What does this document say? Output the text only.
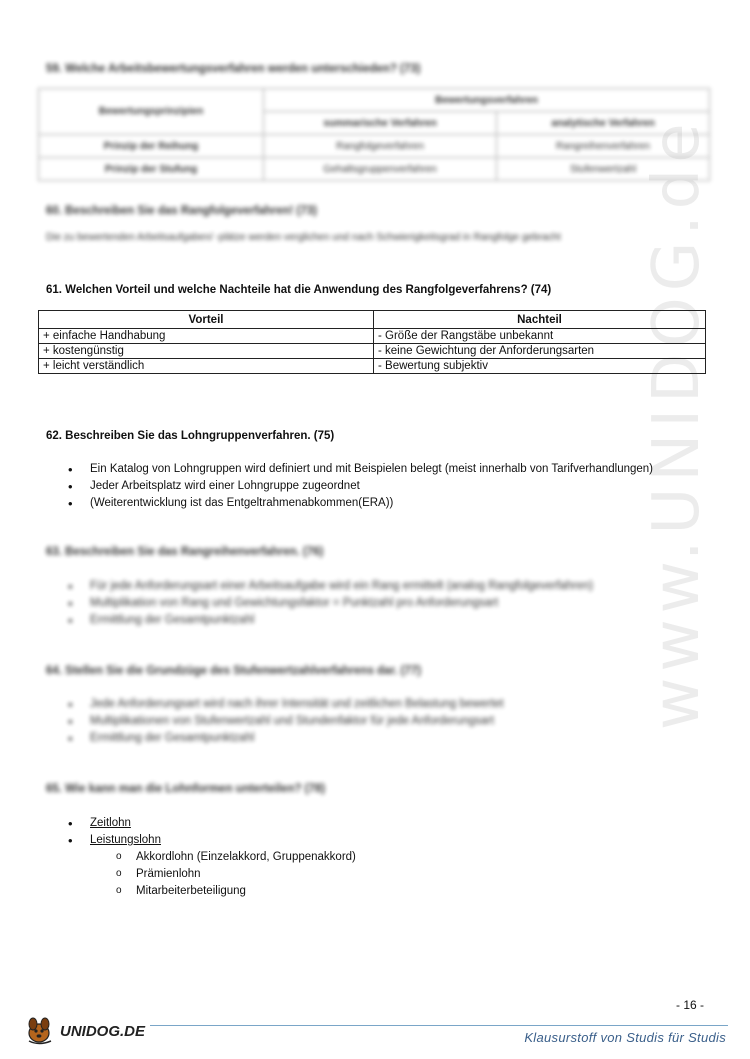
www.UNIDOG.de
59. Welche Arbeitsbewertungsverfahren werden unterschieden? (73)
Bewertungsprinzipien	Bewertungsverfahren	
	summarische Verfahren	analytische Verfahren
Prinzip der Reihung	Rangfolgeverfahren	Rangreihenverfahren
Prinzip der Stufung	Gehaltsgruppenverfahren	Stufenwertzahl
60. Beschreiben Sie das Rangfolgeverfahren! (73)
Die zu bewertenden Arbeitsaufgaben/ -plätze werden verglichen und nach Schwierigkeitsgrad in Rangfolge gebracht
61. Welchen Vorteil und welche Nachteile hat die Anwendung des Rangfolgeverfahrens? (74)
Vorteil	Nachteil
+ einfache Handhabung	- Größe der Rangstäbe unbekannt
+ kostengünstig	- keine Gewichtung der Anforderungsarten
+ leicht verständlich	- Bewertung subjektiv
62. Beschreiben Sie das Lohngruppenverfahren. (75)
• Ein Katalog von Lohngruppen wird definiert und mit Beispielen belegt (meist innerhalb von Tarifverhandlungen)
• Jeder Arbeitsplatz wird einer Lohngruppe zugeordnet
• (Weiterentwicklung ist das Entgeltrahmenabkommen(ERA))
63. Beschreiben Sie das Rangreihenverfahren. (76)
• Für jede Anforderungsart einer Arbeitsaufgabe wird ein Rang ermittelt (analog Rangfolgeverfahren)
• Multiplikation von Rang und Gewichtungsfaktor = Punktzahl pro Anforderungsart
• Ermittlung der Gesamtpunktzahl
64. Stellen Sie die Grundzüge des Stufenwertzahlverfahrens dar. (77)
• Jede Anforderungsart wird nach ihrer Intensität und zeitlichen Belastung bewertet
• Multiplikationen von Stufenwertzahl und Stundenfaktor für jede Anforderungsart
• Ermittlung der Gesamtpunktzahl
65. Wie kann man die Lohnformen unterteilen? (78)
• Zeitlohn
• Leistungslohn
o Akkordlohn (Einzelakkord, Gruppenakkord)
o Prämienlohn
o Mitarbeiterbeteiligung
- 16 -
UNIDOG.DE	Klausurstoff von Studis für Studis
